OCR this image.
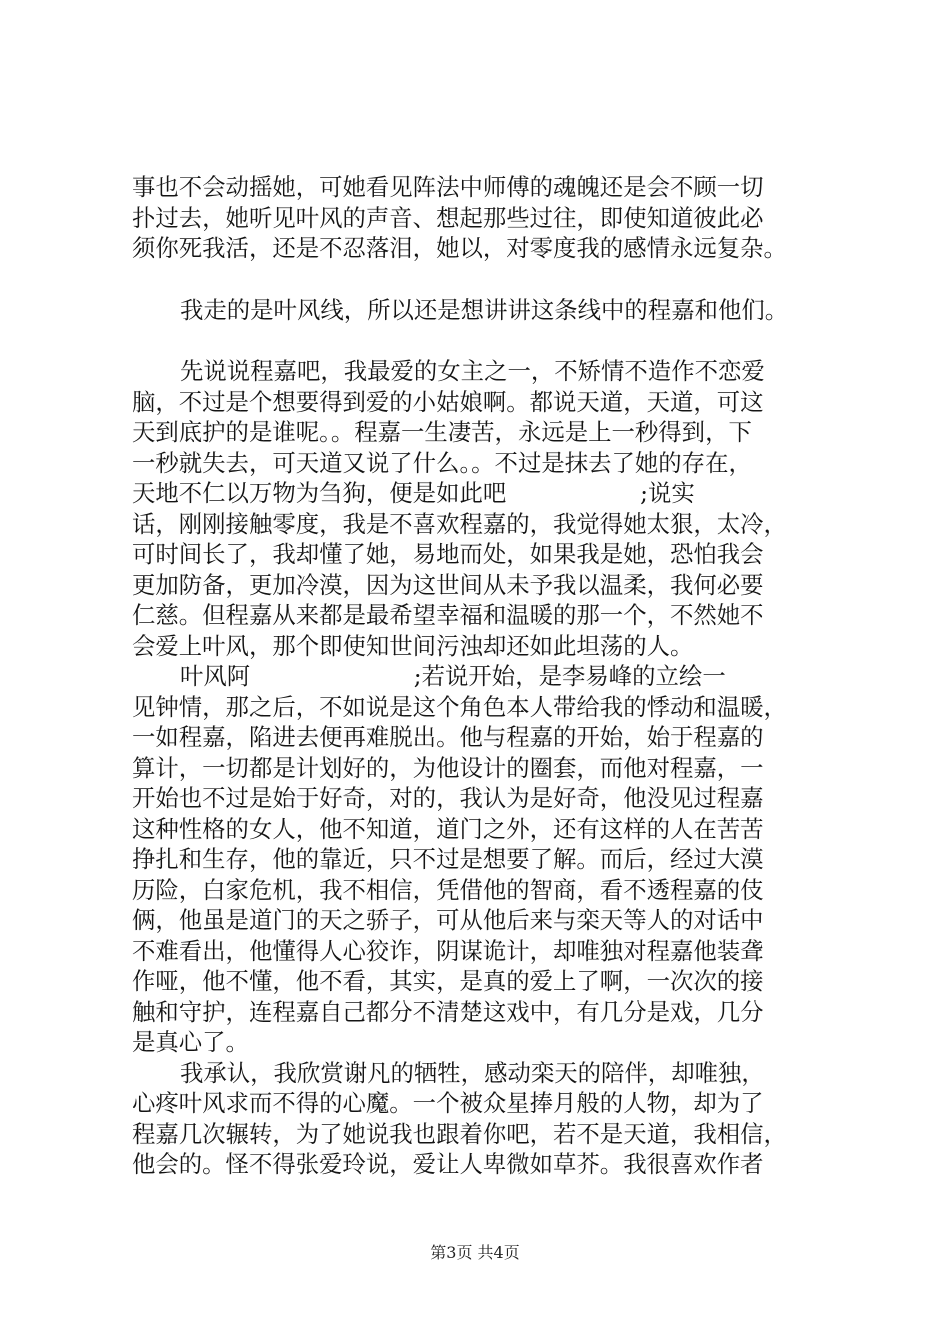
事也不会动摇她，可她看见阵法中师傅的魂魄还是会不顾一切
扑过去，她听见叶风的声音、想起那些过往，即使知道彼此必
须你死我活，还是不忍落泪，她以，对零度我的感情永远复杂。
我走的是叶风线，所以还是想讲讲这条线中的程嘉和他们。
先说说程嘉吧，我最爱的女主之一，不矫情不造作不恋爱
脑，不过是个想要得到爱的小姑娘啊。都说天道，天道，可这
天到底护的是谁呢。。程嘉一生凄苦，永远是上一秒得到，下
一秒就失去，可天道又说了什么。。不过是抹去了她的存在，
天地不仁以万物为刍狗，便是如此吧                  ;说实
话，刚刚接触零度，我是不喜欢程嘉的，我觉得她太狠，太冷，
可时间长了，我却懂了她，易地而处，如果我是她，恐怕我会
更加防备，更加冷漠，因为这世间从未予我以温柔，我何必要
仁慈。但程嘉从来都是最希望幸福和温暖的那一个，不然她不
会爱上叶风，那个即使知世间污浊却还如此坦荡的人。
叶风阿                      ;若说开始，是李易峰的立绘一
见钟情，那之后，不如说是这个角色本人带给我的悸动和温暖，
一如程嘉，陷进去便再难脱出。他与程嘉的开始，始于程嘉的
算计，一切都是计划好的，为他设计的圈套，而他对程嘉，一
开始也不过是始于好奇，对的，我认为是好奇，他没见过程嘉
这种性格的女人，他不知道，道门之外，还有这样的人在苦苦
挣扎和生存，他的靠近，只不过是想要了解。而后，经过大漠
历险，白家危机，我不相信，凭借他的智商，看不透程嘉的伎
俩，他虽是道门的天之骄子，可从他后来与栾天等人的对话中
不难看出，他懂得人心狡诈，阴谋诡计，却唯独对程嘉他装聋
作哑，他不懂，他不看，其实，是真的爱上了啊，一次次的接
触和守护，连程嘉自己都分不清楚这戏中，有几分是戏，几分
是真心了。
我承认，我欣赏谢凡的牺牲，感动栾天的陪伴，却唯独，
心疼叶风求而不得的心魔。一个被众星捧月般的人物，却为了
程嘉几次辗转，为了她说我也跟着你吧，若不是天道，我相信，
他会的。怪不得张爱玲说，爱让人卑微如草芥。我很喜欢作者
第3页 共4页
